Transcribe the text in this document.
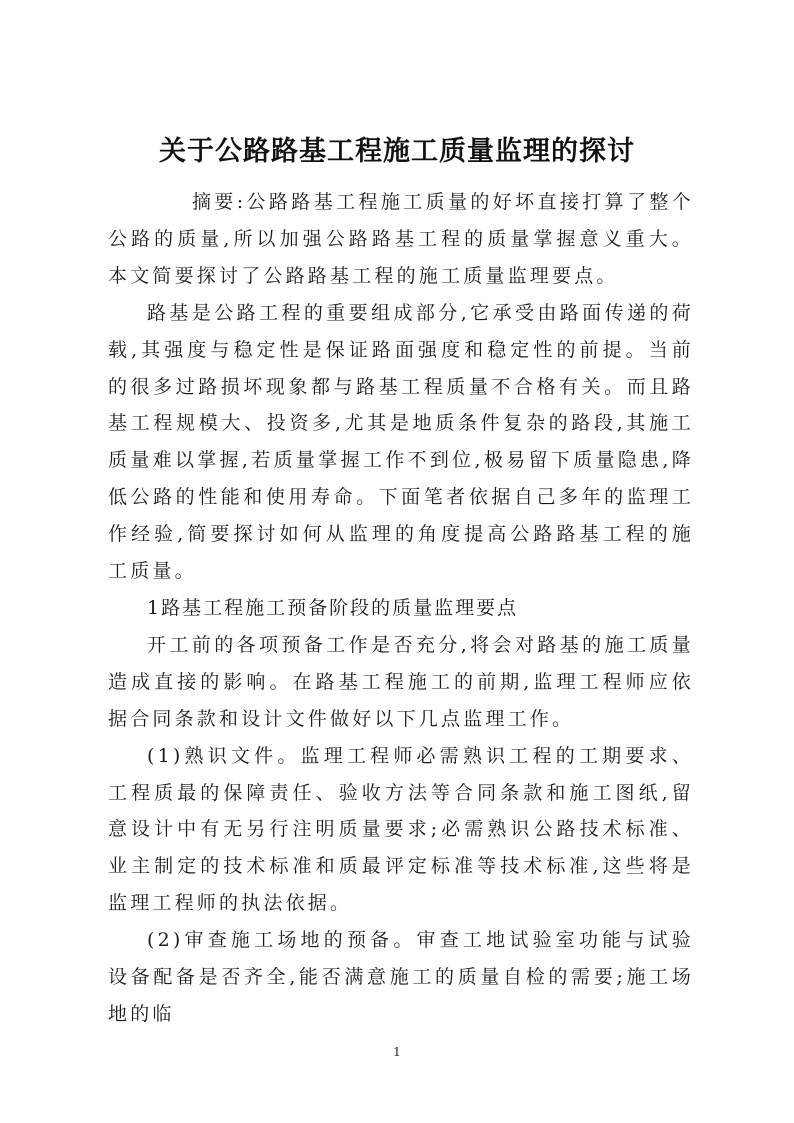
关于公路路基工程施工质量监理的探讨

摘要:公路路基工程施工质量的好坏直接打算了整个公路的质量,所以加强公路路基工程的质量掌握意义重大。本文简要探讨了公路路基工程的施工质量监理要点。

路基是公路工程的重要组成部分,它承受由路面传递的荷载,其强度与稳定性是保证路面强度和稳定性的前提。当前的很多过路损坏现象都与路基工程质量不合格有关。而且路基工程规模大、投资多,尤其是地质条件复杂的路段,其施工质量难以掌握,若质量掌握工作不到位,极易留下质量隐患,降低公路的性能和使用寿命。下面笔者依据自己多年的监理工作经验,简要探讨如何从监理的角度提高公路路基工程的施工质量。

1路基工程施工预备阶段的质量监理要点

开工前的各项预备工作是否充分,将会对路基的施工质量造成直接的影响。在路基工程施工的前期,监理工程师应依据合同条款和设计文件做好以下几点监理工作。

(1)熟识文件。监理工程师必需熟识工程的工期要求、工程质最的保障责任、验收方法等合同条款和施工图纸,留意设计中有无另行注明质量要求;必需熟识公路技术标准、业主制定的技术标准和质最评定标准等技术标准,这些将是监理工程师的执法依据。

(2)审查施工场地的预备。审查工地试验室功能与试验设备配备是否齐全,能否满意施工的质量自检的需要;施工场地的临

1
